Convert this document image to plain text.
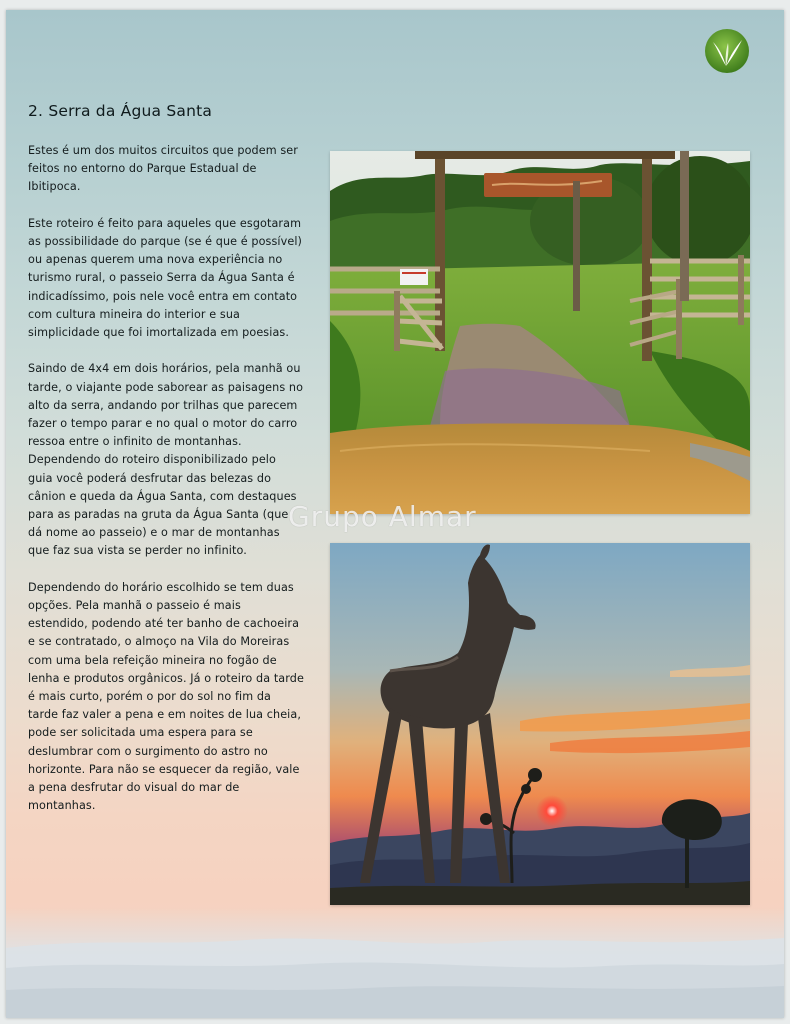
2. Serra da Água Santa

Estes é um dos muitos circuitos que podem ser feitos no entorno do Parque Estadual de Ibitipoca.

Este roteiro é feito para aqueles que esgotaram as possibilidade do parque (se é que é possível) ou apenas querem uma nova experiência no turismo rural, o passeio Serra da Água Santa é indicadíssimo, pois nele você entra em contato com cultura mineira do interior e sua simplicidade que foi imortalizada em poesias.

Saindo de 4x4 em dois horários, pela manhã ou tarde, o viajante pode saborear as paisagens no alto da serra, andando por trilhas que parecem fazer o tempo parar e no qual o motor do carro ressoa entre o infinito de montanhas. Dependendo do roteiro disponibilizado pelo guia você poderá desfrutar das belezas do cânion e queda da Água Santa, com destaques para as paradas na gruta da Água Santa (que dá nome ao passeio) e o mar de montanhas que faz sua vista se perder no infinito.

Dependendo do horário escolhido se tem duas opções. Pela manhã o passeio é mais estendido, podendo até ter banho de cachoeira e se contratado, o almoço na Vila do Moreiras com uma bela refeição mineira no fogão de lenha e produtos orgânicos. Já o roteiro da tarde é mais curto, porém o por do sol no fim da tarde faz valer a pena e em noites de lua cheia, pode ser solicitada uma espera para se deslumbrar com o surgimento do astro no horizonte. Para não se esquecer da região, vale a pena desfrutar do visual do mar de montanhas.

Grupo Almar
